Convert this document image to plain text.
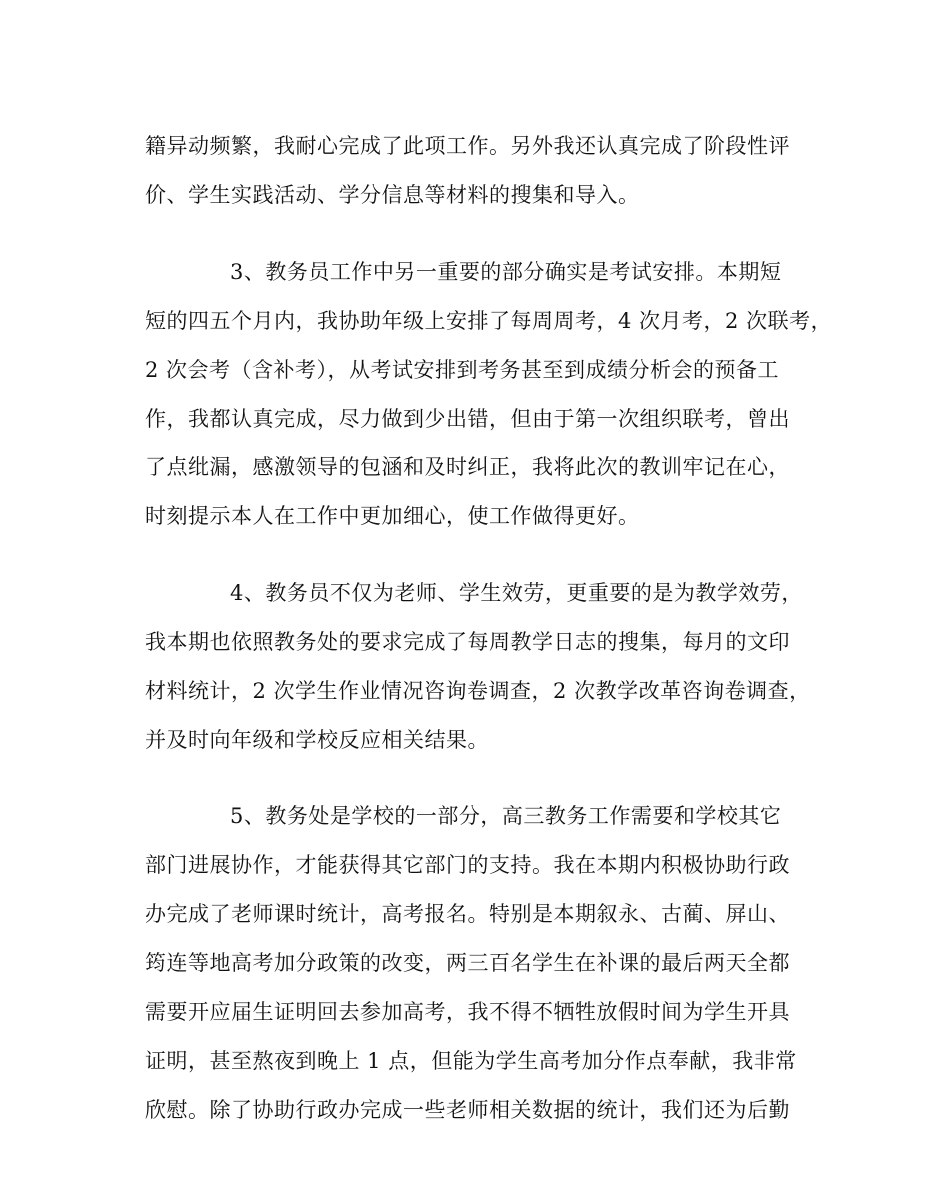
籍异动频繁，我耐心完成了此项工作。另外我还认真完成了阶段性评
价、学生实践活动、学分信息等材料的搜集和导入。
3、教务员工作中另一重要的部分确实是考试安排。本期短
短的四五个月内，我协助年级上安排了每周周考，4 次月考，2 次联考，
2 次会考（含补考），从考试安排到考务甚至到成绩分析会的预备工
作，我都认真完成，尽力做到少出错，但由于第一次组织联考，曾出
了点纰漏，感激领导的包涵和及时纠正，我将此次的教训牢记在心，
时刻提示本人在工作中更加细心，使工作做得更好。
4、教务员不仅为老师、学生效劳，更重要的是为教学效劳，
我本期也依照教务处的要求完成了每周教学日志的搜集，每月的文印
材料统计，2 次学生作业情况咨询卷调查，2 次教学改革咨询卷调查，
并及时向年级和学校反应相关结果。
5、教务处是学校的一部分，高三教务工作需要和学校其它
部门进展协作，才能获得其它部门的支持。我在本期内积极协助行政
办完成了老师课时统计，高考报名。特别是本期叙永、古蔺、屏山、
筠连等地高考加分政策的改变，两三百名学生在补课的最后两天全都
需要开应届生证明回去参加高考，我不得不牺牲放假时间为学生开具
证明，甚至熬夜到晚上 1 点，但能为学生高考加分作点奉献，我非常
欣慰。除了协助行政办完成一些老师相关数据的统计，我们还为后勤
